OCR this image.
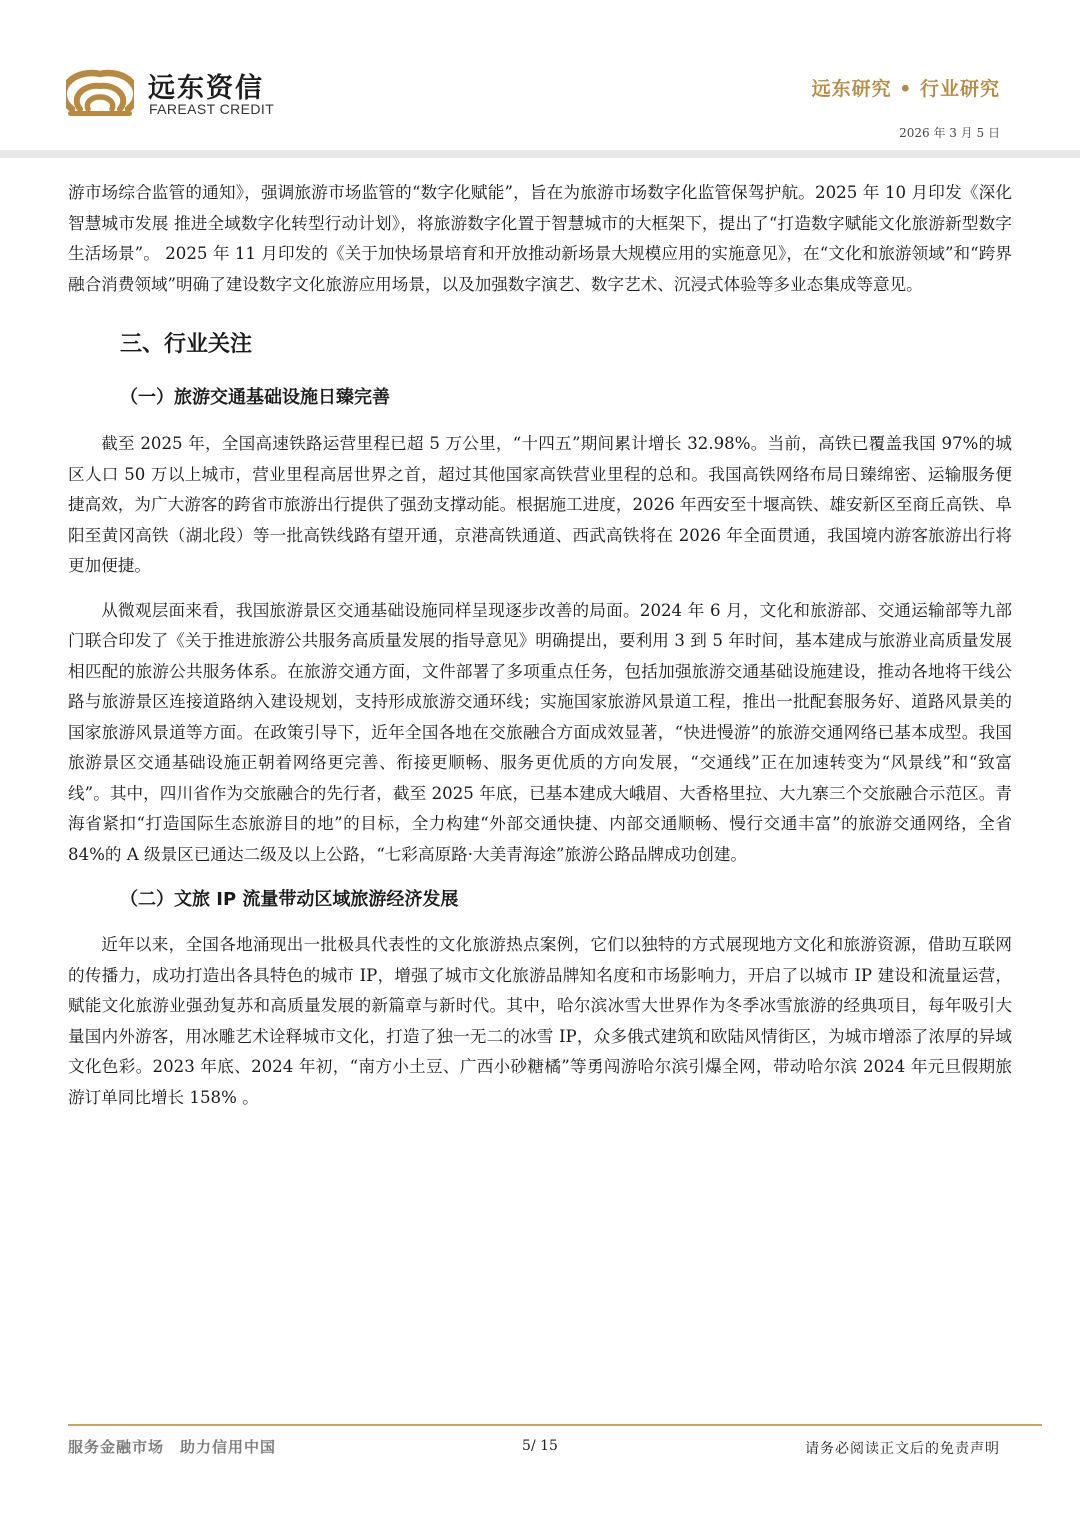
远东资信
FAREAST CREDIT
远东研究 • 行业研究
2026 年 3 月 5 日

游市场综合监管的通知》，强调旅游市场监管的“数字化赋能”，旨在为旅游市场数字化监管保驾护航。2025 年 10 月印发《深化智慧城市发展 推进全域数字化转型行动计划》，将旅游数字化置于智慧城市的大框架下，提出了“打造数字赋能文化旅游新型数字生活场景”。 2025 年 11 月印发的《关于加快场景培育和开放推动新场景大规模应用的实施意见》，在“文化和旅游领域”和“跨界融合消费领域”明确了建设数字文化旅游应用场景，以及加强数字演艺、数字艺术、沉浸式体验等多业态集成等意见。

三、行业关注
（一）旅游交通基础设施日臻完善

截至 2025 年，全国高速铁路运营里程已超 5 万公里，“十四五”期间累计增长 32.98%。当前，高铁已覆盖我国 97%的城区人口 50 万以上城市，营业里程高居世界之首，超过其他国家高铁营业里程的总和。我国高铁网络布局日臻绵密、运输服务便捷高效，为广大游客的跨省市旅游出行提供了强劲支撑动能。根据施工进度，2026 年西安至十堰高铁、雄安新区至商丘高铁、阜阳至黄冈高铁（湖北段）等一批高铁线路有望开通，京港高铁通道、西武高铁将在 2026 年全面贯通，我国境内游客旅游出行将更加便捷。

从微观层面来看，我国旅游景区交通基础设施同样呈现逐步改善的局面。2024 年 6 月，文化和旅游部、交通运输部等九部门联合印发了《关于推进旅游公共服务高质量发展的指导意见》明确提出，要利用 3 到 5 年时间，基本建成与旅游业高质量发展相匹配的旅游公共服务体系。在旅游交通方面，文件部署了多项重点任务，包括加强旅游交通基础设施建设，推动各地将干线公路与旅游景区连接道路纳入建设规划，支持形成旅游交通环线；实施国家旅游风景道工程，推出一批配套服务好、道路风景美的国家旅游风景道等方面。在政策引导下，近年全国各地在交旅融合方面成效显著，“快进慢游”的旅游交通网络已基本成型。我国旅游景区交通基础设施正朝着网络更完善、衔接更顺畅、服务更优质的方向发展，“交通线”正在加速转变为“风景线”和“致富线”。其中，四川省作为交旅融合的先行者，截至 2025 年底，已基本建成大峨眉、大香格里拉、大九寨三个交旅融合示范区。青海省紧扣“打造国际生态旅游目的地”的目标，全力构建“外部交通快捷、内部交通顺畅、慢行交通丰富”的旅游交通网络，全省 84%的 A 级景区已通达二级及以上公路，“七彩高原路·大美青海途”旅游公路品牌成功创建。

（二）文旅 IP 流量带动区域旅游经济发展

近年以来，全国各地涌现出一批极具代表性的文化旅游热点案例，它们以独特的方式展现地方文化和旅游资源，借助互联网的传播力，成功打造出各具特色的城市 IP，增强了城市文化旅游品牌知名度和市场影响力，开启了以城市 IP 建设和流量运营，赋能文化旅游业强劲复苏和高质量发展的新篇章与新时代。其中，哈尔滨冰雪大世界作为冬季冰雪旅游的经典项目，每年吸引大量国内外游客，用冰雕艺术诠释城市文化，打造了独一无二的冰雪 IP，众多俄式建筑和欧陆风情街区，为城市增添了浓厚的异域文化色彩。2023 年底、2024 年初，“南方小土豆、广西小砂糖橘”等勇闯游哈尔滨引爆全网，带动哈尔滨 2024 年元旦假期旅游订单同比增长 158% 。

服务金融市场　助力信用中国	5/ 15	请务必阅读正文后的免责声明
